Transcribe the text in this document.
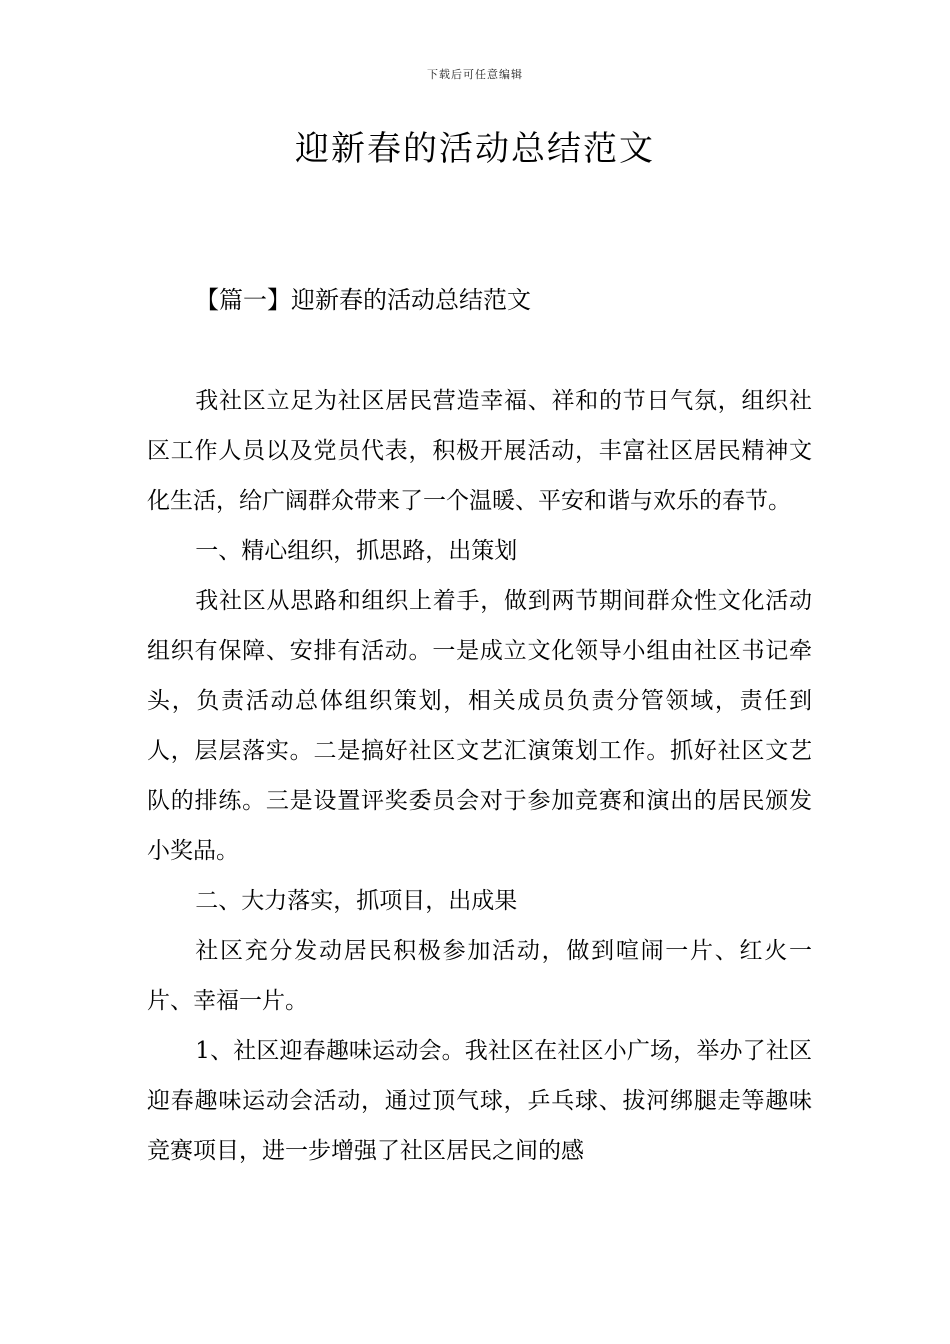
下载后可任意编辑
迎新春的活动总结范文
【篇一】迎新春的活动总结范文

我社区立足为社区居民营造幸福、祥和的节日气氛，组织社区工作人员以及党员代表，积极开展活动，丰富社区居民精神文化生活，给广阔群众带来了一个温暖、平安和谐与欢乐的春节。

一、精心组织，抓思路，出策划

我社区从思路和组织上着手，做到两节期间群众性文化活动组织有保障、安排有活动。一是成立文化领导小组由社区书记牵头，负责活动总体组织策划，相关成员负责分管领域，责任到人，层层落实。二是搞好社区文艺汇演策划工作。抓好社区文艺队的排练。三是设置评奖委员会对于参加竞赛和演出的居民颁发小奖品。

二、大力落实，抓项目，出成果

社区充分发动居民积极参加活动，做到喧闹一片、红火一片、幸福一片。

1、社区迎春趣味运动会。我社区在社区小广场，举办了社区迎春趣味运动会活动，通过顶气球，乒乓球、拔河绑腿走等趣味竞赛项目，进一步增强了社区居民之间的感
